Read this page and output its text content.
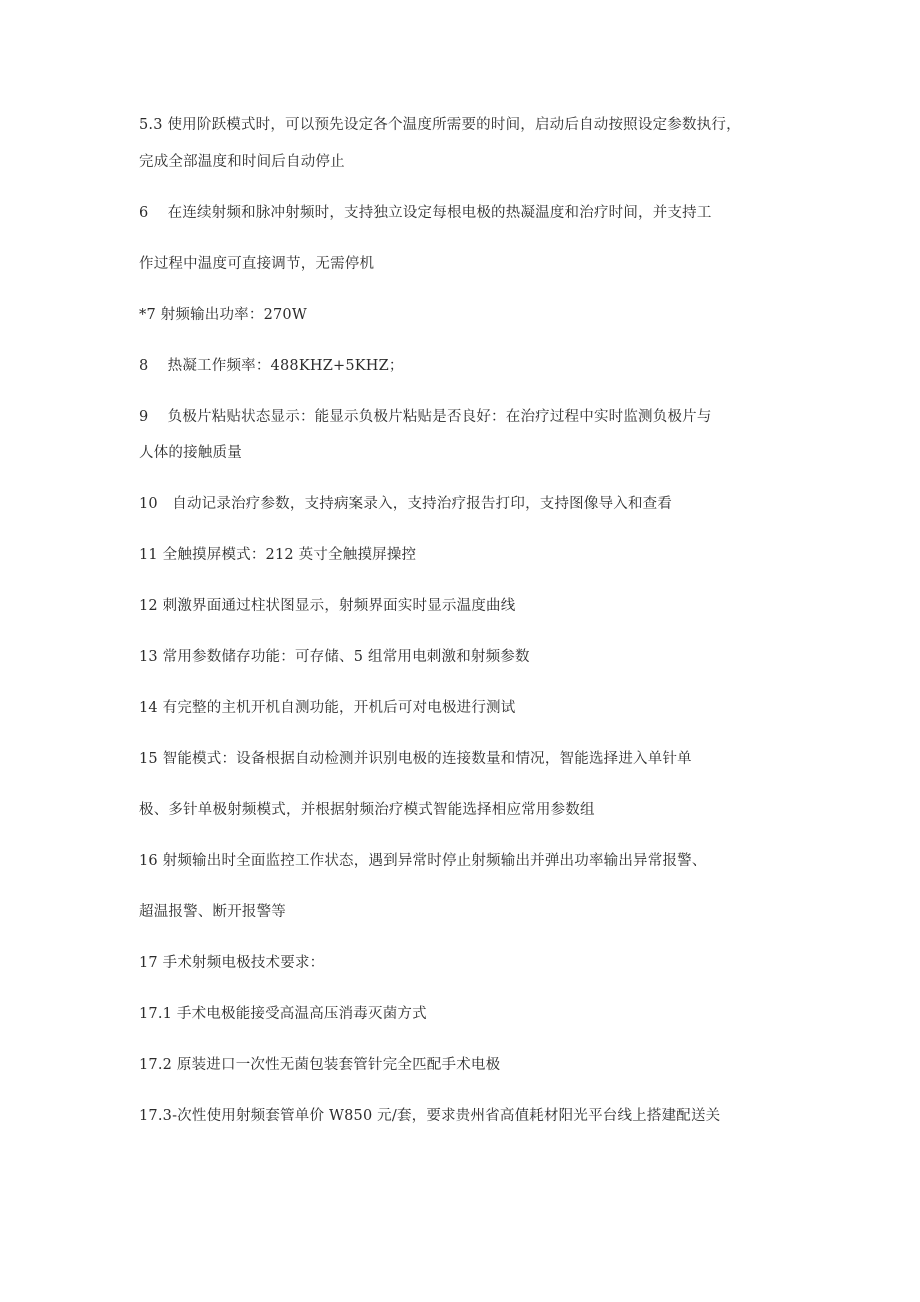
5.3 使用阶跃模式时，可以预先设定各个温度所需要的时间，启动后自动按照设定参数执行，
完成全部温度和时间后自动停止
6    在连续射频和脉冲射频时，支持独立设定每根电极的热凝温度和治疗时间，并支持工
作过程中温度可直接调节，无需停机
*7 射频输出功率：270W
8    热凝工作频率：488KHZ+5KHZ；
9    负极片粘贴状态显示：能显示负极片粘贴是否良好：在治疗过程中实时监测负极片与
人体的接触质量
10   自动记录治疗参数，支持病案录入，支持治疗报告打印，支持图像导入和查看
11 全触摸屏模式：212 英寸全触摸屏操控
12 刺激界面通过柱状图显示，射频界面实时显示温度曲线
13 常用参数储存功能：可存储、5 组常用电刺激和射频参数
14 有完整的主机开机自测功能，开机后可对电极进行测试
15 智能模式：设备根据自动检测并识别电极的连接数量和情况，智能选择进入单针单
极、多针单极射频模式，并根据射频治疗模式智能选择相应常用参数组
16 射频输出时全面监控工作状态，遇到异常时停止射频输出并弹出功率输出异常报警、
超温报警、断开报警等
17 手术射频电极技术要求：
17.1 手术电极能接受高温高压消毒灭菌方式
17.2 原装进口一次性无菌包装套管针完全匹配手术电极
17.3-次性使用射频套管单价 W850 元/套，要求贵州省高值耗材阳光平台线上搭建配送关
